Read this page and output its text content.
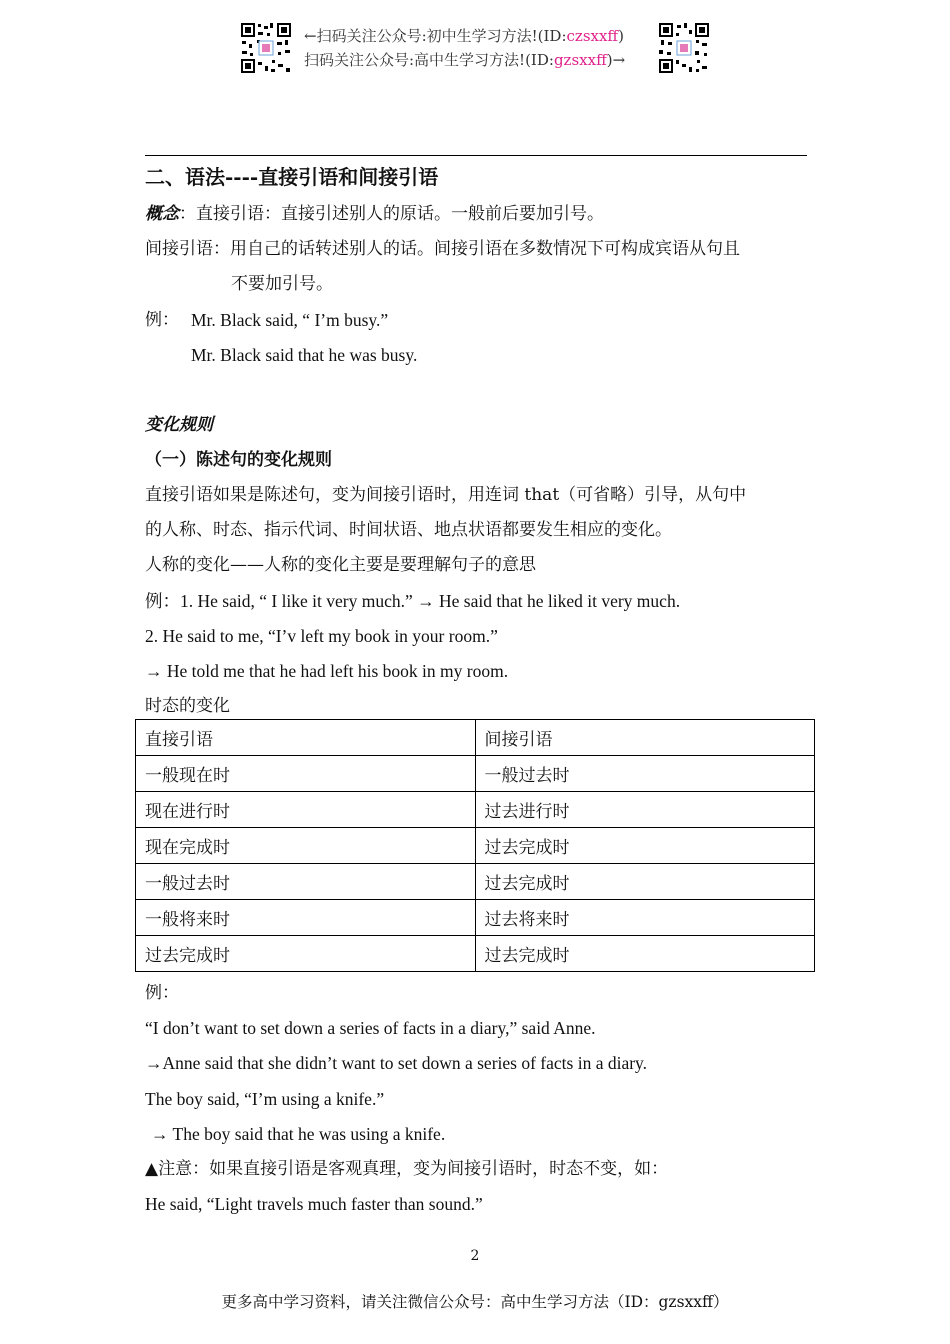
←扫码关注公众号:初中生学习方法!(ID:czsxxff)
扫码关注公众号:高中生学习方法!(ID:gzsxxff)→
二、语法----直接引语和间接引语
概念：直接引语：直接引述别人的原话。一般前后要加引号。
间接引语：用自己的话转述别人的话。间接引语在多数情况下可构成宾语从句且
不要加引号。
例： Mr. Black said, “ I’m busy.”
Mr. Black said that he was busy.
变化规则
（一）陈述句的变化规则
直接引语如果是陈述句，变为间接引语时，用连词 that（可省略）引导，从句中
的人称、时态、指示代词、时间状语、地点状语都要发生相应的变化。
人称的变化——人称的变化主要是要理解句子的意思
例：1. He said, “ I like it very much.” → He said that he liked it very much.
2. He said to me, “I’v left my book in your room.”
→ He told me that he had left his book in my room.
时态的变化
直接引语	间接引语
一般现在时	一般过去时
现在进行时	过去进行时
现在完成时	过去完成时
一般过去时	过去完成时
一般将来时	过去将来时
过去完成时	过去完成时
例：
“I don’t want to set down a series of facts in a diary,” said Anne.
→Anne said that she didn’t want to set down a series of facts in a diary.
The boy said, “I’m using a knife.”
→ The boy said that he was using a knife.
▲注意：如果直接引语是客观真理，变为间接引语时，时态不变，如：
He said, “Light travels much faster than sound.”
2
更多高中学习资料，请关注微信公众号：高中生学习方法（ID：gzsxxff）
